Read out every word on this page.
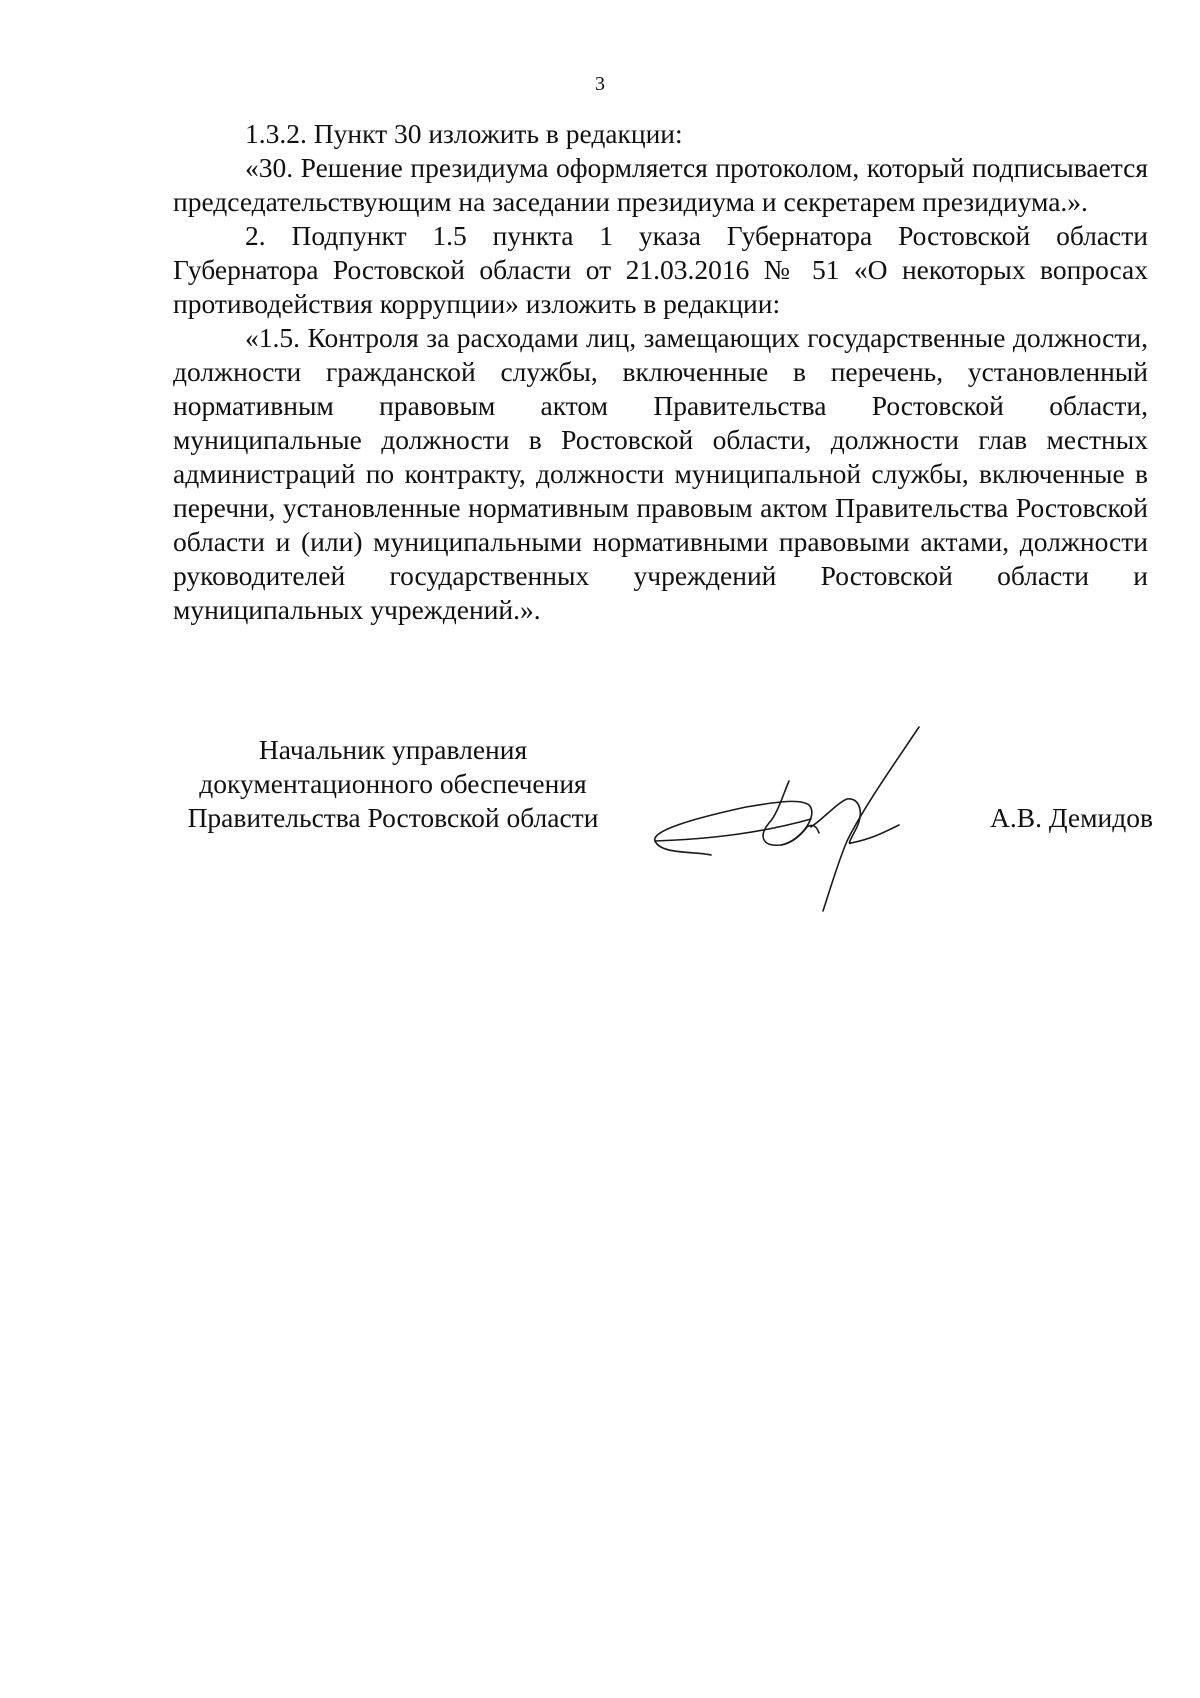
3

1.3.2. Пункт 30 изложить в редакции:

«30. Решение президиума оформляется протоколом, который подписывается председательствующим на заседании президиума и секретарем президиума.».

2. Подпункт 1.5 пункта 1 указа Губернатора Ростовской области Губернатора Ростовской области от 21.03.2016 № 51 «О некоторых вопросах противодействия коррупции» изложить в редакции:

«1.5. Контроля за расходами лиц, замещающих государственные должности, должности гражданской службы, включенные в перечень, установленный нормативным правовым актом Правительства Ростовской области, муниципальные должности в Ростовской области, должности глав местных администраций по контракту, должности муниципальной службы, включенные в перечни, установленные нормативным правовым актом Правительства Ростовской области и (или) муниципальными нормативными правовыми актами, должности руководителей государственных учреждений Ростовской области и муниципальных учреждений.».

Начальник управления
документационного обеспечения
Правительства Ростовской области	А.В. Демидов
